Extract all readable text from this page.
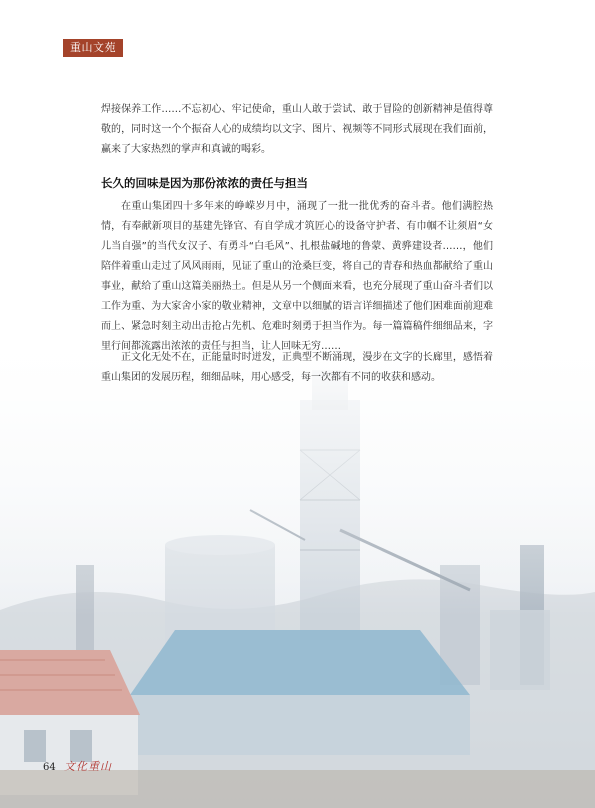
重山文苑

焊接保养工作……不忘初心、牢记使命，重山人敢于尝试、敢于冒险的创新精神是值得尊敬的，同时这一个个振奋人心的成绩均以文字、图片、视频等不同形式展现在我们面前，赢来了大家热烈的掌声和真诚的喝彩。

长久的回味是因为那份浓浓的责任与担当

在重山集团四十多年来的峥嵘岁月中，涌现了一批一批优秀的奋斗者。他们满腔热情，有奉献新项目的基建先锋官、有自学成才筑匠心的设备守护者、有巾帼不让须眉“女儿当自强”的当代女汉子、有勇斗“白毛风”、扎根盐碱地的鲁蒙、黄骅建设者……，他们陪伴着重山走过了风风雨雨，见证了重山的沧桑巨变，将自己的青春和热血都献给了重山事业，献给了重山这篇美丽热土。但是从另一个侧面来看，也充分展现了重山奋斗者们以工作为重、为大家舍小家的敬业精神，文章中以细腻的语言详细描述了他们困难面前迎难而上、紧急时刻主动出击抢占先机、危难时刻勇于担当作为。每一篇篇稿件细细品来，字里行间都流露出浓浓的责任与担当，让人回味无穷……

正文化无处不在，正能量时时迸发，正典型不断涌现，漫步在文字的长廊里，感悟着重山集团的发展历程，细细品味，用心感受，每一次都有不同的收获和感动。

64 文化重山
